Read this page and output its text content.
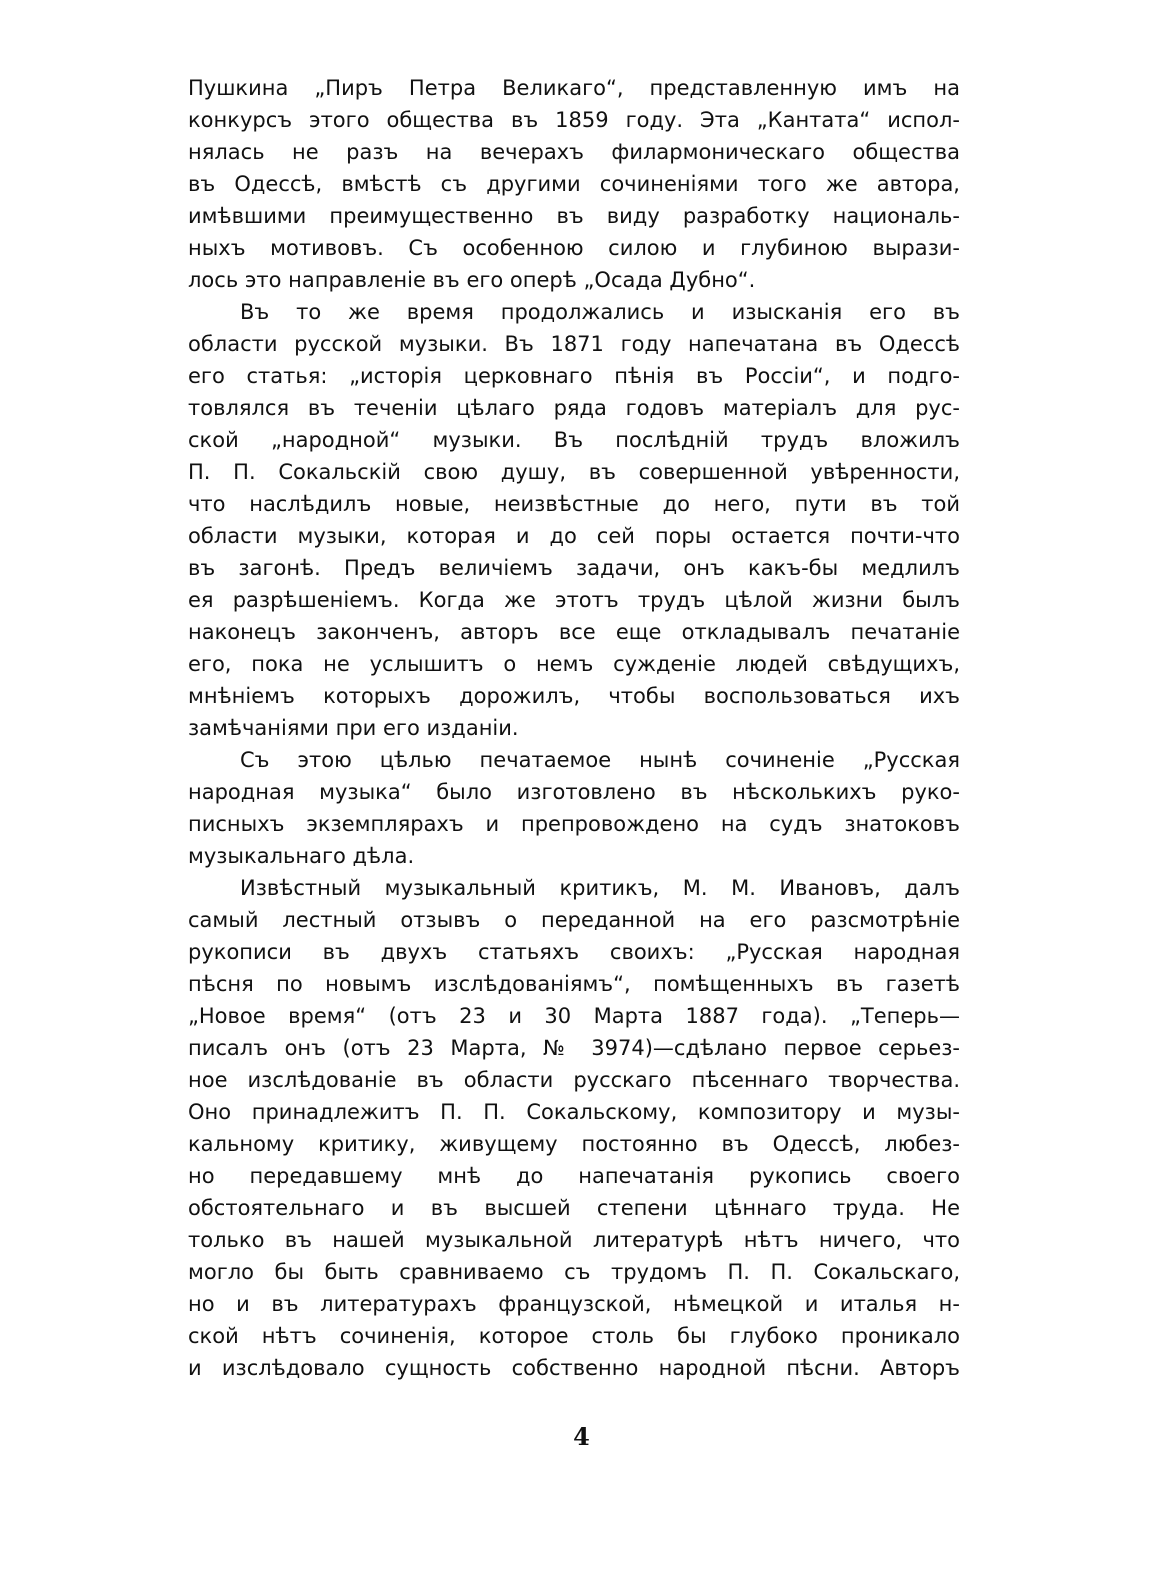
Пушкина „Пиръ Петра Великаго“, представленную имъ на
конкурсъ этого общества въ 1859 году. Эта „Кантата“ испол-
нялась не разъ на вечерахъ филармоническаго общества
въ Одессѣ, вмѣстѣ съ другими сочиненіями того же автора,
имѣвшими преимущественно въ виду разработку националь-
ныхъ мотивовъ. Съ особенною силою и глубиною вырази-
лось это направленіе въ его оперѣ „Осада Дубно“.
Въ то же время продолжались и изысканія его въ
области русской музыки. Въ 1871 году напечатана въ Одессѣ
его статья: „исторія церковнаго пѣнія въ Россіи“, и подго-
товлялся въ теченіи цѣлаго ряда годовъ матеріалъ для рус-
ской „народной“ музыки. Въ послѣдній трудъ вложилъ
П. П. Сокальскій свою душу, въ совершенной увѣренности,
что наслѣдилъ новые, неизвѣстные до него, пути въ той
области музыки, которая и до сей поры остается почти-что
въ загонѣ. Предъ величіемъ задачи, онъ какъ-бы медлилъ
ея разрѣшеніемъ. Когда же этотъ трудъ цѣлой жизни былъ
наконецъ законченъ, авторъ все еще откладывалъ печатаніе
его, пока не услышитъ о немъ сужденіе людей свѣдущихъ,
мнѣніемъ которыхъ дорожилъ, чтобы воспользоваться ихъ
замѣчаніями при его изданіи.
Съ этою цѣлью печатаемое нынѣ сочиненіе „Русская
народная музыка“ было изготовлено въ нѣсколькихъ руко-
писныхъ экземплярахъ и препровождено на судъ знатоковъ
музыкальнаго дѣла.
Извѣстный музыкальный критикъ, М. М. Ивановъ, далъ
самый лестный отзывъ о переданной на его разсмотрѣніе
рукописи въ двухъ статьяхъ своихъ: „Русская народная
пѣсня по новымъ изслѣдованіямъ“, помѣщенныхъ въ газетѣ
„Новое время“ (отъ 23 и 30 Марта 1887 года). „Теперь—
писалъ онъ (отъ 23 Марта, № 3974)—сдѣлано первое серьез-
ное изслѣдованіе въ области русскаго пѣсеннаго творчества.
Оно принадлежитъ П. П. Сокальскому, композитору и музы-
кальному критику, живущему постоянно въ Одессѣ, любез-
но передавшему мнѣ до напечатанія рукопись своего
обстоятельнаго и въ высшей степени цѣннаго труда. Не
только въ нашей музыкальной литературѣ нѣтъ ничего, что
могло бы быть сравниваемо съ трудомъ П. П. Сокальскаго,
но и въ литературахъ французской, нѣмецкой и италья н-
ской нѣтъ сочиненія, которое столь бы глубоко проникало
и изслѣдовало сущность собственно народной пѣсни. Авторъ
4
